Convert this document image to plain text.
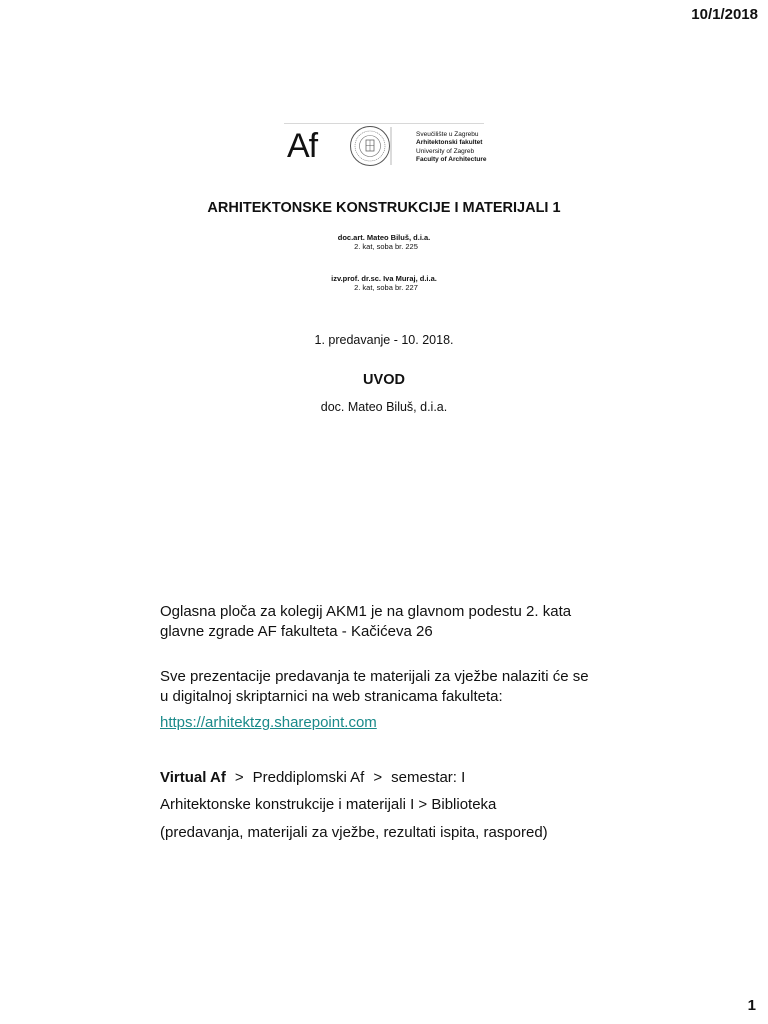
10/1/2018
Af	Sveučilište u Zagrebu
Arhitektonski fakultet
University of Zagreb
Faculty of Architecture
ARHITEKTONSKE KONSTRUKCIJE I MATERIJALI 1
doc.art. Mateo Biluš, d.i.a.
2. kat, soba br. 225
izv.prof. dr.sc. Iva Muraj, d.i.a.
2. kat, soba br. 227
1. predavanje - 10. 2018.
UVOD
doc. Mateo Biluš, d.i.a.
Oglasna ploča za kolegij AKM1 je na glavnom podestu 2. kata
glavne zgrade AF fakulteta - Kačićeva 26
Sve prezentacije predavanja te materijali za vježbe nalaziti će se
u digitalnoj skriptarnici na web stranicama fakulteta:
https://arhitektzg.sharepoint.com
Virtual Af > Preddiplomski Af > semestar: I
Arhitektonske konstrukcije i materijali I > Biblioteka
(predavanja, materijali za vježbe, rezultati ispita, raspored)
1
